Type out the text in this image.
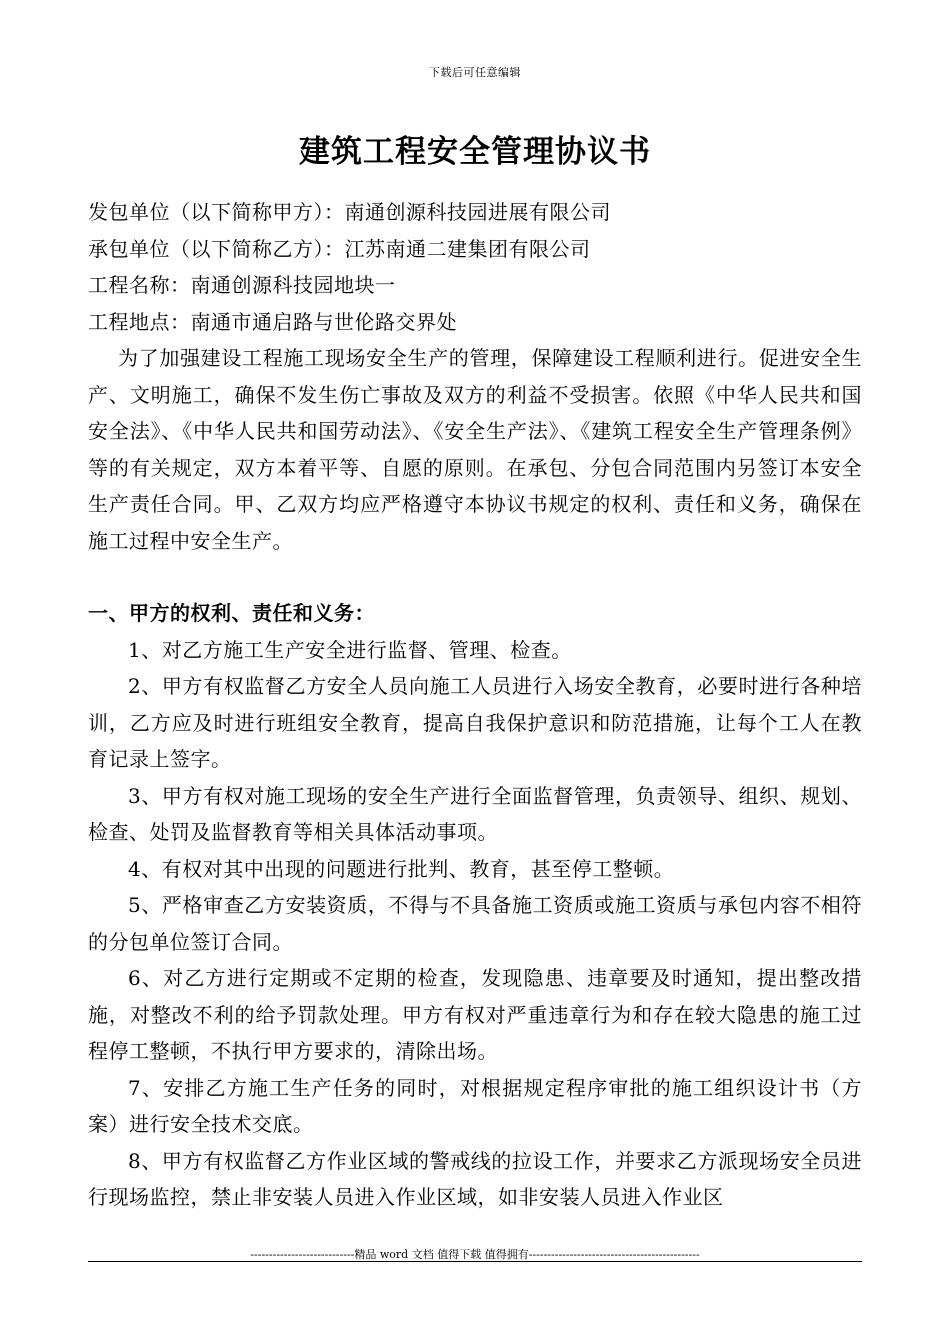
下载后可任意编辑
建筑工程安全管理协议书

发包单位（以下简称甲方）：南通创源科技园进展有限公司

承包单位（以下简称乙方）：江苏南通二建集团有限公司

工程名称：南通创源科技园地块一

工程地点：南通市通启路与世伦路交界处

为了加强建设工程施工现场安全生产的管理，保障建设工程顺利进行。促进安全生产、文明施工，确保不发生伤亡事故及双方的利益不受损害。依照《中华人民共和国安全法》、《中华人民共和国劳动法》、《安全生产法》、《建筑工程安全生产管理条例》等的有关规定，双方本着平等、自愿的原则。在承包、分包合同范围内另签订本安全生产责任合同。甲、乙双方均应严格遵守本协议书规定的权利、责任和义务，确保在施工过程中安全生产。

一、甲方的权利、责任和义务：

1、对乙方施工生产安全进行监督、管理、检查。

2、甲方有权监督乙方安全人员向施工人员进行入场安全教育，必要时进行各种培训，乙方应及时进行班组安全教育，提高自我保护意识和防范措施，让每个工人在教育记录上签字。

3、甲方有权对施工现场的安全生产进行全面监督管理，负责领导、组织、规划、检查、处罚及监督教育等相关具体活动事项。

4、有权对其中出现的问题进行批判、教育，甚至停工整顿。

5、严格审查乙方安装资质，不得与不具备施工资质或施工资质与承包内容不相符的分包单位签订合同。

6、对乙方进行定期或不定期的检查，发现隐患、违章要及时通知，提出整改措施，对整改不利的给予罚款处理。甲方有权对严重违章行为和存在较大隐患的施工过程停工整顿，不执行甲方要求的，清除出场。

7、安排乙方施工生产任务的同时，对根据规定程序审批的施工组织设计书（方案）进行安全技术交底。

8、甲方有权监督乙方作业区域的警戒线的拉设工作，并要求乙方派现场安全员进行现场监控，禁止非安装人员进入作业区域，如非安装人员进入作业区

----------------------------精品 word 文档 值得下载 值得拥有----------------------------------------------
